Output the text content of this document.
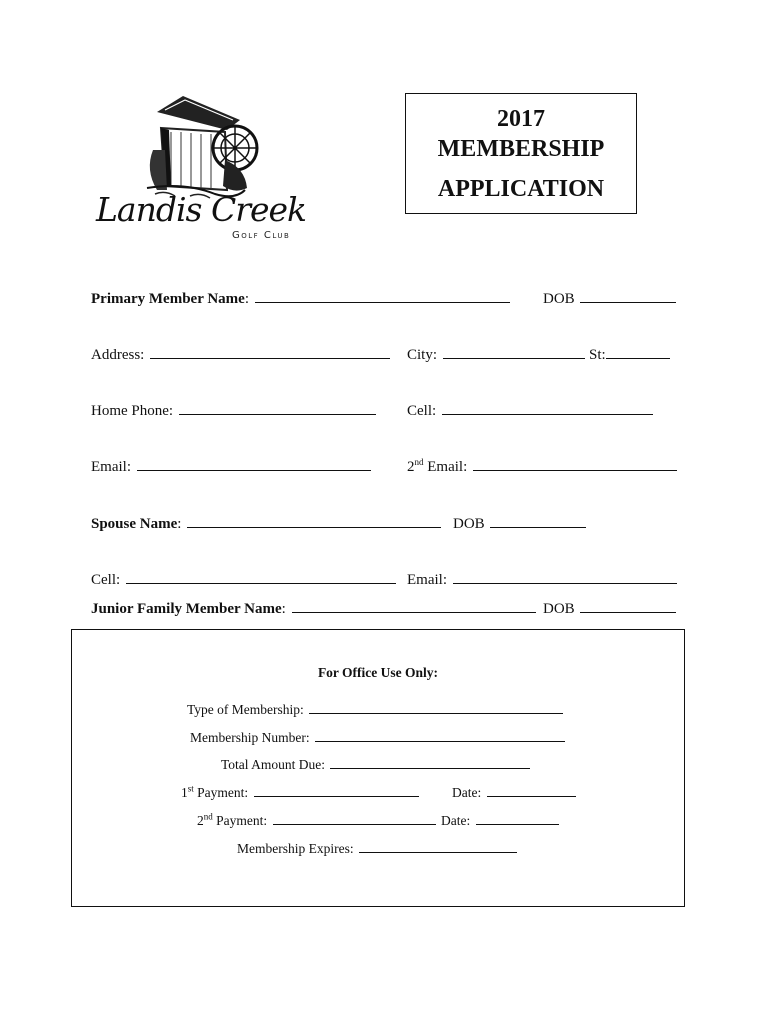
Landis Creek
Golf Club
2017
MEMBERSHIP
APPLICATION
Primary Member Name:	DOB
Address:	City:	St:
Home Phone:	Cell:
Email:	2nd Email:
Spouse Name:	DOB
Cell:	Email:
Junior Family Member Name:	DOB
For Office Use Only:
Type of Membership:
Membership Number:
Total Amount Due:
1st Payment:	Date:
2nd Payment:	Date:
Membership Expires:
